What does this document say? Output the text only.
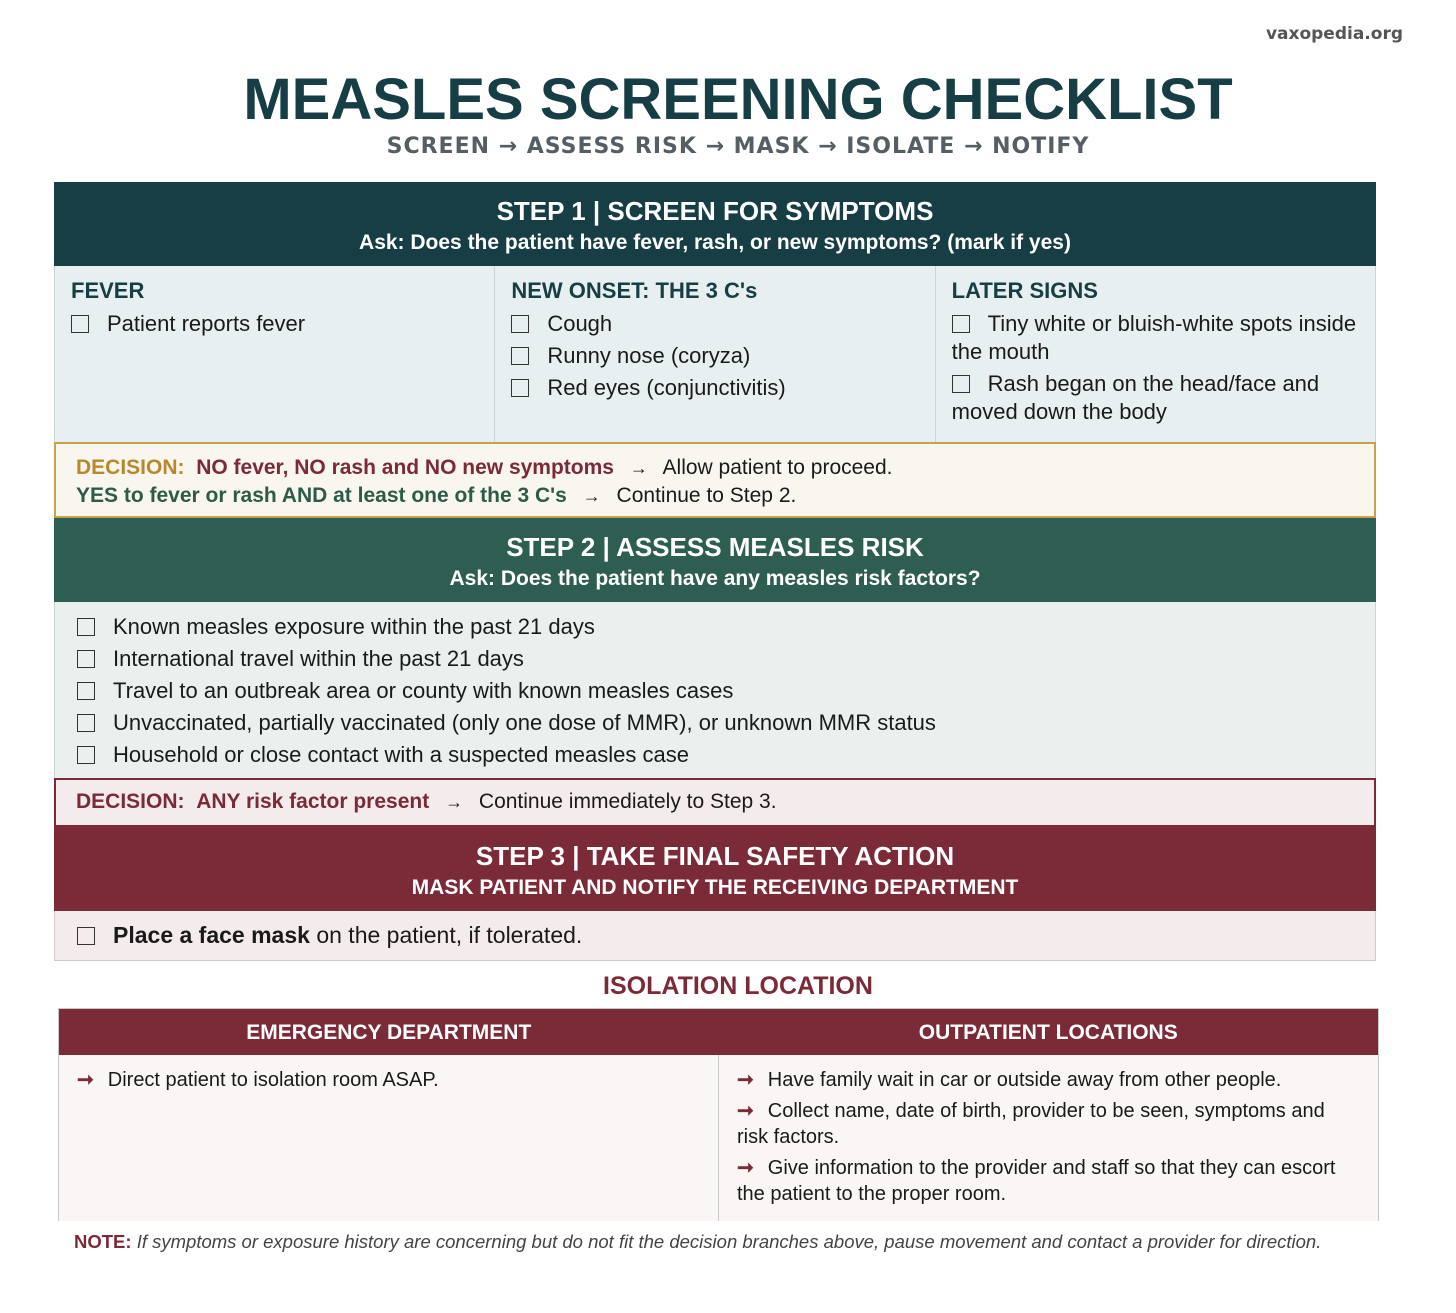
vaxopedia.org
MEASLES SCREENING CHECKLIST
SCREEN → ASSESS RISK → MASK → ISOLATE → NOTIFY
STEP 1 | SCREEN FOR SYMPTOMS
Ask: Does the patient have fever, rash, or new symptoms? (mark if yes)
FEVER
Patient reports fever
NEW ONSET: THE 3 C's
Cough
Runny nose (coryza)
Red eyes (conjunctivitis)
LATER SIGNS
Tiny white or bluish-white spots inside the mouth
Rash began on the head/face and moved down the body
DECISION: NO fever, NO rash and NO new symptoms → Allow patient to proceed.
YES to fever or rash AND at least one of the 3 C's → Continue to Step 2.
STEP 2 | ASSESS MEASLES RISK
Ask: Does the patient have any measles risk factors?
Known measles exposure within the past 21 days
International travel within the past 21 days
Travel to an outbreak area or county with known measles cases
Unvaccinated, partially vaccinated (only one dose of MMR), or unknown MMR status
Household or close contact with a suspected measles case
DECISION: ANY risk factor present → Continue immediately to Step 3.
STEP 3 | TAKE FINAL SAFETY ACTION
MASK PATIENT AND NOTIFY THE RECEIVING DEPARTMENT
Place a face mask on the patient, if tolerated.
ISOLATION LOCATION
EMERGENCY DEPARTMENT	OUTPATIENT LOCATIONS
➞ Direct patient to isolation room ASAP.	➞ Have family wait in car or outside away from other people.
➞ Collect name, date of birth, provider to be seen, symptoms and risk factors.
➞ Give information to the provider and staff so that they can escort the patient to the proper room.
NOTE: If symptoms or exposure history are concerning but do not fit the decision branches above, pause movement and contact a provider for direction.
